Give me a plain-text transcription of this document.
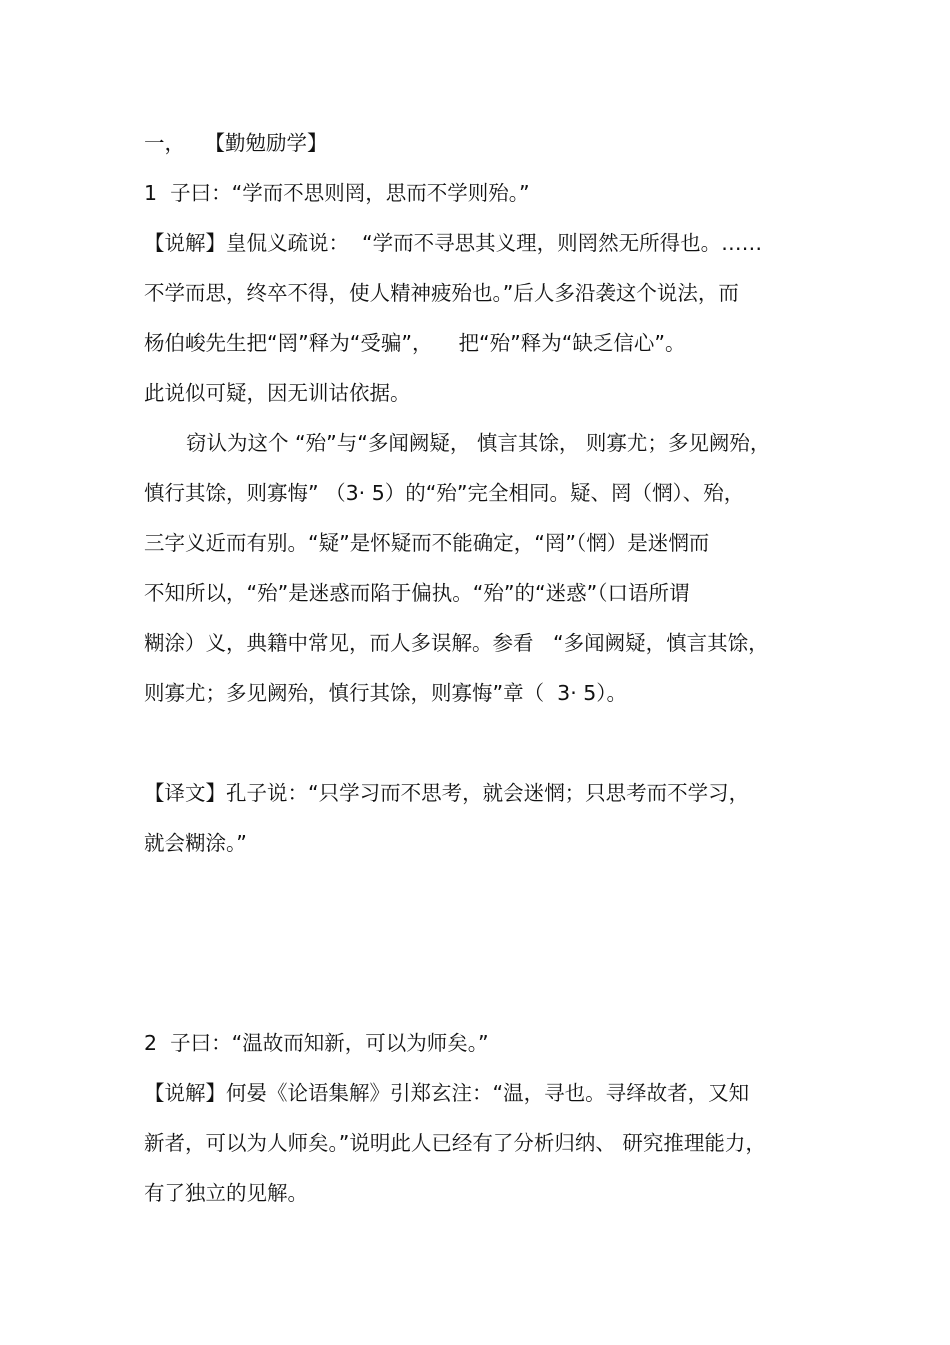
一，   【勤勉励学】

1  子曰：“学而不思则罔，思而不学则殆。”

【说解】皇侃义疏说：  “学而不寻思其义理，则罔然无所得也。……

不学而思，终卒不得，使人精神疲殆也。”后人多沿袭这个说法，而

杨伯峻先生把“罔”释为“受骗”，    把“殆”释为“缺乏信心”。

此说似可疑，因无训诂依据。

窃认为这个 “殆”与“多闻阙疑， 慎言其馀， 则寡尤；多见阙殆，

慎行其馀，则寡悔” （3· 5）的“殆”完全相同。疑、罔（惘）、殆，

三字义近而有别。“疑”是怀疑而不能确定，“罔”（惘）是迷惘而

不知所以，“殆”是迷惑而陷于偏执。“殆”的“迷惑”（口语所谓

糊涂）义，典籍中常见，而人多误解。参看   “多闻阙疑，慎言其馀，

则寡尤；多见阙殆，慎行其馀，则寡悔”章（  3· 5）。

【译文】孔子说：“只学习而不思考，就会迷惘；只思考而不学习，

就会糊涂。”

2  子曰：“温故而知新，可以为师矣。”

【说解】何晏《论语集解》引郑玄注：“温，寻也。寻绎故者，又知

新者，可以为人师矣。”说明此人已经有了分析归纳、 研究推理能力，

有了独立的见解。
